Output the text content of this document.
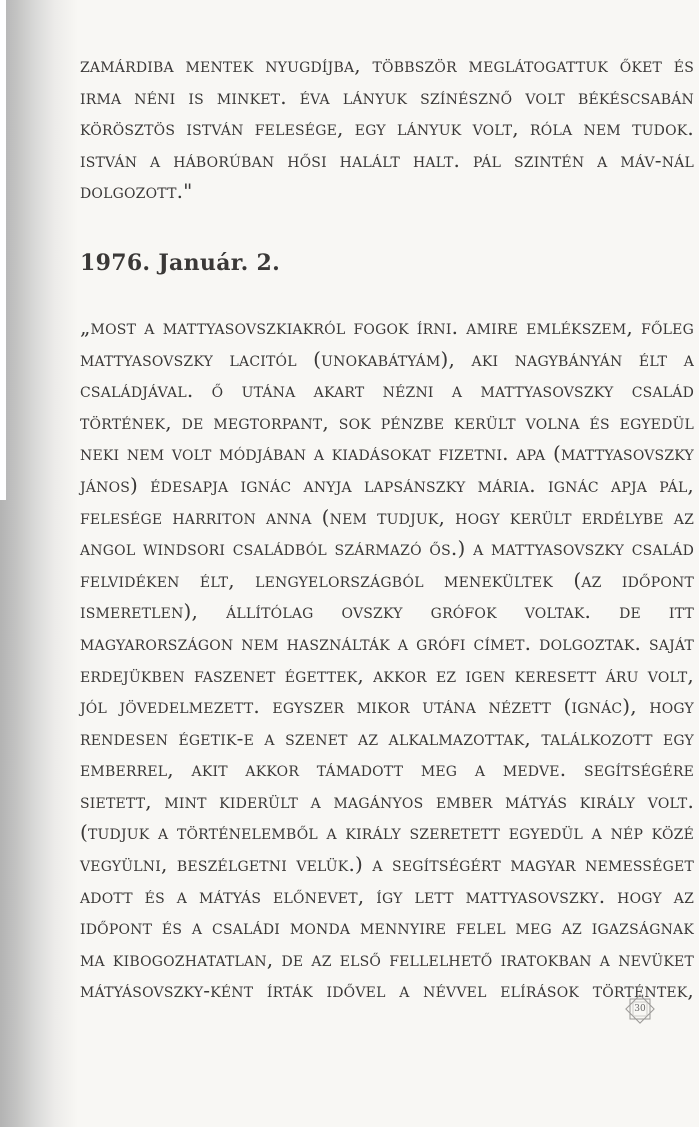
zamárdiba mentek nyugdíjba, többször meglátogattuk őket és irma néni is minket. éva lányuk színésznő volt békéscsabán körösztös istván felesége, egy lányuk volt, róla nem tudok. istván a háborúban hősi halált halt. pál szintén a máv-nál dolgozott."

1976. Január. 2.

„most a mattyasovszkiakról fogok írni. amire emlékszem, főleg mattyasovszky lacitól (unokabátyám), aki nagybányán élt a családjával. ő utána akart nézni a mattyasovszky család történek, de megtorpant, sok pénzbe került volna és egyedül neki nem volt módjában a kiadásokat fizetni. apa (mattyasovszky jános) édesapja ignác anyja lapsánszky mária. ignác apja pál, felesége harriton anna (nem tudjuk, hogy került erdélybe az angol windsori családból származó ős.) a mattyasovszky család felvidéken élt, lengyelországból menekültek (az időpont ismeretlen), állítólag ovszky grófok voltak. de itt magyarországon nem használták a grófi címet. dolgoztak. saját erdejükben faszenet égettek, akkor ez igen keresett áru volt, jól jövedelmezett. egyszer mikor utána nézett (ignác), hogy rendesen égetik-e a szenet az alkalmazottak, találkozott egy emberrel, akit akkor támadott meg a medve. segítségére sietett, mint kiderült a magányos ember mátyás király volt. (tudjuk a történelemből a király szeretett egyedül a nép közé vegyülni, beszélgetni velük.) a segítségért magyar nemességet adott és a mátyás előnevet, így lett mattyasovszky. hogy az időpont és a családi monda mennyire felel meg az igazságnak ma kibogozhatatlan, de az első fellelhető iratokban a nevüket mátyásovszky-ként írták idővel a névvel elírások történtek,

30
